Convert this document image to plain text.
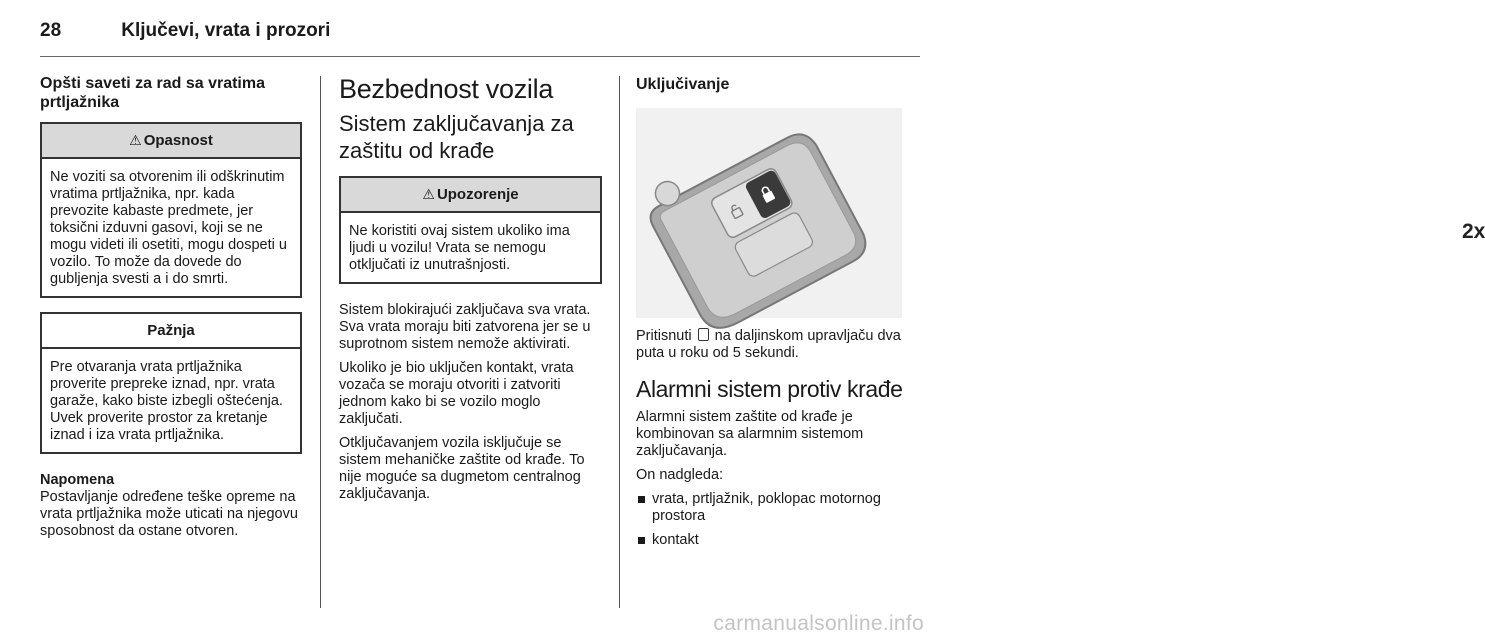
28	Ključevi, vrata i prozori
Opšti saveti za rad sa vratima prtljažnika
⚠ Opasnost
Ne voziti sa otvorenim ili odškrinutim vratima prtljažnika, npr. kada prevozite kabaste predmete, jer toksični izduvni gasovi, koji se ne mogu videti ili osetiti, mogu dospeti u vozilo. To može da dovede do gubljenja svesti a i do smrti.
Pažnja
Pre otvaranja vrata prtljažnika proverite prepreke iznad, npr. vrata garaže, kako biste izbegli oštećenja. Uvek proverite prostor za kretanje iznad i iza vrata prtljažnika.

Napomena

Postavljanje određene teške opreme na vrata prtljažnika može uticati na njegovu sposobnost da ostane otvoren.

Bezbednost vozila
Sistem zaključavanja za zaštitu od krađe
⚠ Upozorenje
Ne koristiti ovaj sistem ukoliko ima ljudi u vozilu! Vrata se nemogu otključati iz unutrašnjosti.

Sistem blokirajući zaključava sva vrata. Sva vrata moraju biti zatvorena jer se u suprotnom sistem nemože aktivirati.

Ukoliko je bio uključen kontakt, vrata vozača se moraju otvoriti i zatvoriti jednom kako bi se vozilo moglo zaključati.

Otključavanjem vozila isključuje se sistem mehaničke zaštite od krađe. To nije moguće sa dugmetom centralnog zaključavanja.

Uključivanje
2x

Pritisnuti na daljinskom upravljaču dva puta u roku od 5 sekundi.

Alarmni sistem protiv krađe

Alarmni sistem zaštite od krađe je kombinovan sa alarmnim sistemom zaključavanja.

On nadgleda:

vrata, prtljažnik, poklopac motornog prostora
kontakt
carmanualsonline.info
